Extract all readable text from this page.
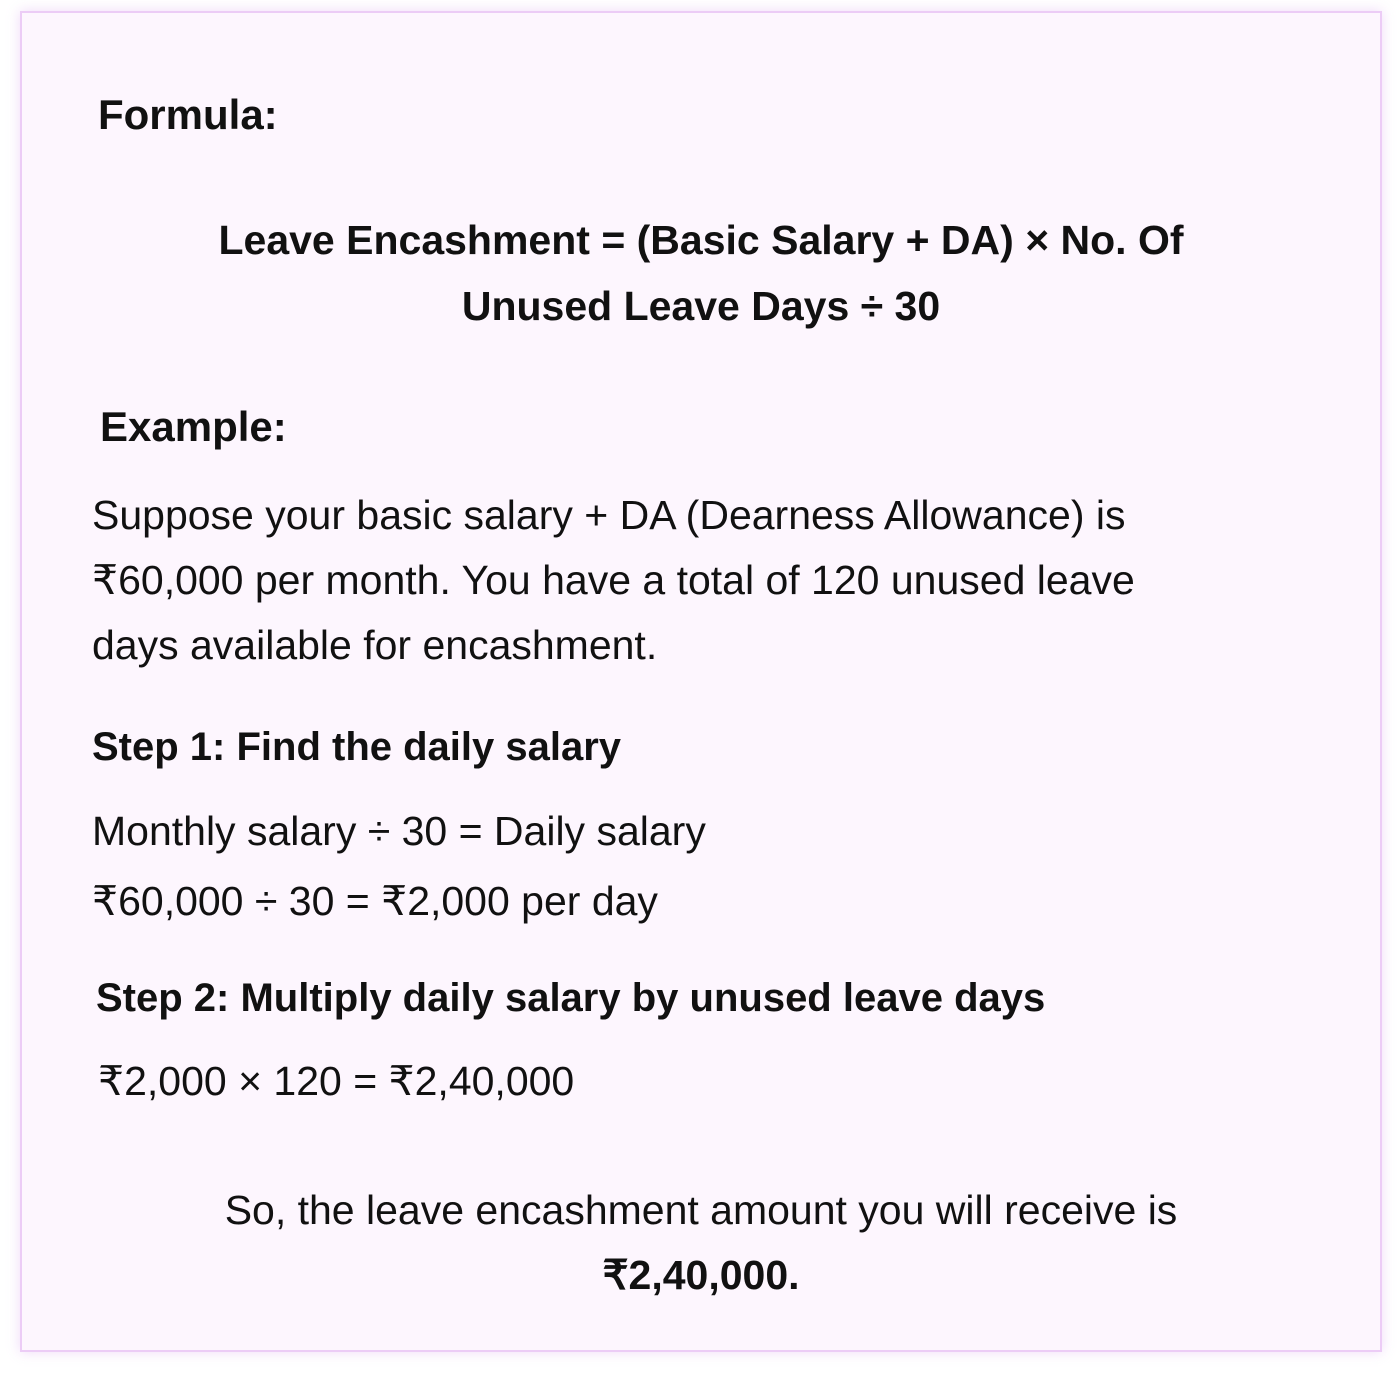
Formula:
Leave Encashment = (Basic Salary + DA) × No. Of
Unused Leave Days ÷ 30
Example:
Suppose your basic salary + DA (Dearness Allowance) is
₹60,000 per month. You have a total of 120 unused leave
days available for encashment.
Step 1: Find the daily salary
Monthly salary ÷ 30 = Daily salary
₹60,000 ÷ 30 = ₹2,000 per day
Step 2: Multiply daily salary by unused leave days
₹2,000 × 120 = ₹2,40,000
So, the leave encashment amount you will receive is
₹2,40,000.
